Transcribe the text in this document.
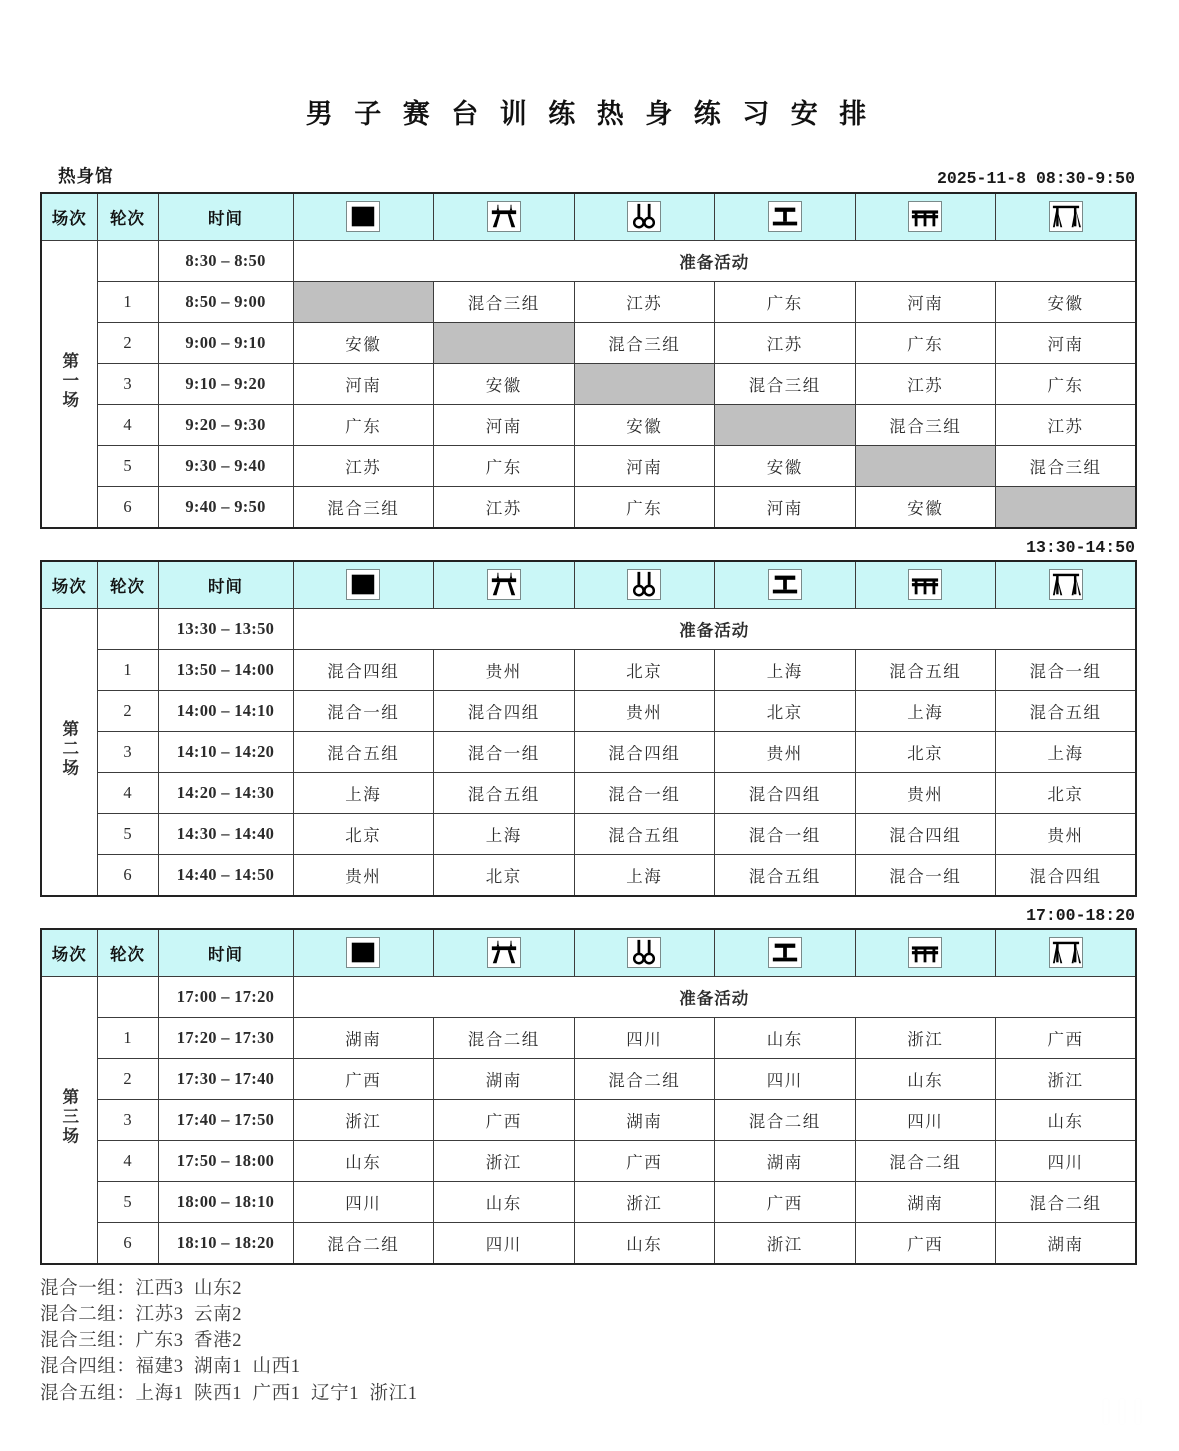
男 子 赛 台 训 练 热 身 练 习 安 排
热身馆	2025-11-8 08:30-9:50
场次	轮次	时间	

第一场		8:30 – 8:50	准备活动					
	1	8:50 – 9:00		混合三组	江苏	广东	河南	安徽
	2	9:00 – 9:10	安徽		混合三组	江苏	广东	河南
	3	9:10 – 9:20	河南	安徽		混合三组	江苏	广东
	4	9:20 – 9:30	广东	河南	安徽		混合三组	江苏
	5	9:30 – 9:40	江苏	广东	河南	安徽		混合三组
	6	9:40 – 9:50	混合三组	江苏	广东	河南	安徽	
13:30-14:50
场次	轮次	时间	

第二场		13:30 – 13:50	准备活动					
	1	13:50 – 14:00	混合四组	贵州	北京	上海	混合五组	混合一组
	2	14:00 – 14:10	混合一组	混合四组	贵州	北京	上海	混合五组
	3	14:10 – 14:20	混合五组	混合一组	混合四组	贵州	北京	上海
	4	14:20 – 14:30	上海	混合五组	混合一组	混合四组	贵州	北京
	5	14:30 – 14:40	北京	上海	混合五组	混合一组	混合四组	贵州
	6	14:40 – 14:50	贵州	北京	上海	混合五组	混合一组	混合四组
17:00-18:20
场次	轮次	时间	

第三场		17:00 – 17:20	准备活动					
	1	17:20 – 17:30	湖南	混合二组	四川	山东	浙江	广西
	2	17:30 – 17:40	广西	湖南	混合二组	四川	山东	浙江
	3	17:40 – 17:50	浙江	广西	湖南	混合二组	四川	山东
	4	17:50 – 18:00	山东	浙江	广西	湖南	混合二组	四川
	5	18:00 – 18:10	四川	山东	浙江	广西	湖南	混合二组
	6	18:10 – 18:20	混合二组	四川	山东	浙江	广西	湖南
混合一组：江西3  山东2
混合二组：江苏3  云南2
混合三组：广东3  香港2
混合四组：福建3  湖南1  山西1
混合五组：上海1  陕西1  广西1  辽宁1  浙江1	III
